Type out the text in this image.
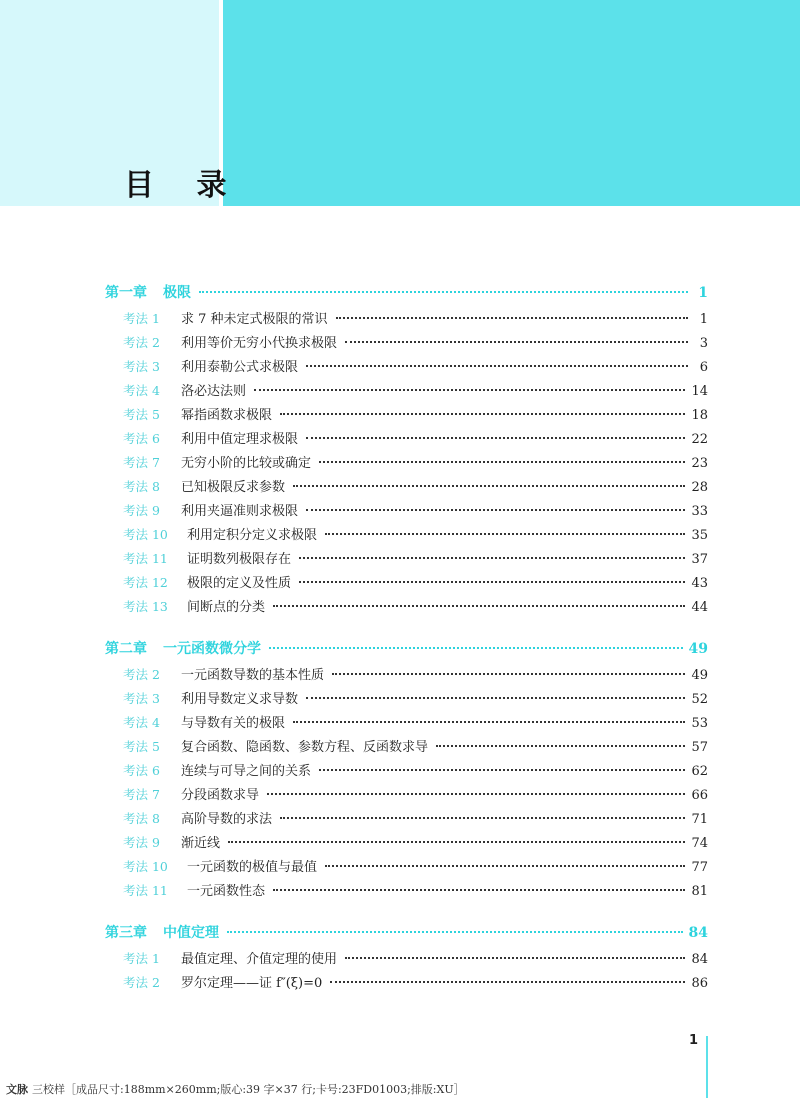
目 录
第一章 极限	1
考法 1	求 7 种未定式极限的常识	1
考法 2	利用等价无穷小代换求极限	3
考法 3	利用泰勒公式求极限	6
考法 4	洛必达法则	14
考法 5	幂指函数求极限	18
考法 6	利用中值定理求极限	22
考法 7	无穷小阶的比较或确定	23
考法 8	已知极限反求参数	28
考法 9	利用夹逼准则求极限	33
考法 10	利用定积分定义求极限	35
考法 11	证明数列极限存在	37
考法 12	极限的定义及性质	43
考法 13	间断点的分类	44
第二章 一元函数微分学	49
考法 2	一元函数导数的基本性质	49
考法 3	利用导数定义求导数	52
考法 4	与导数有关的极限	53
考法 5	复合函数、隐函数、参数方程、反函数求导	57
考法 6	连续与可导之间的关系	62
考法 7	分段函数求导	66
考法 8	高阶导数的求法	71
考法 9	渐近线	74
考法 10	一元函数的极值与最值	77
考法 11	一元函数性态	81
第三章 中值定理	84
考法 1	最值定理、介值定理的使用	84
考法 2	罗尔定理——证 f″(ξ)=0	86
1
文脉 三校样［成品尺寸:188mm×260mm;版心:39 字×37 行;卡号:23FD01003;排版:XU］
